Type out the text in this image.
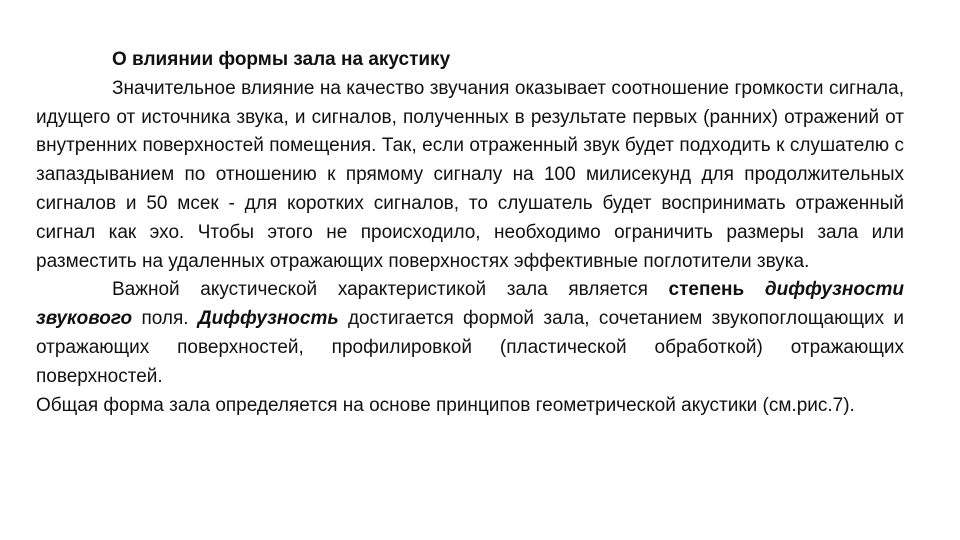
О влиянии формы зала на акустику

Значительное влияние на качество звучания оказывает соотношение громкости сигнала, идущего от источника звука, и сигналов, полученных в результате первых (ранних) отражений от внутренних поверхностей помещения. Так, если отраженный звук будет подходить к слушателю с запаздыванием по отношению к прямому сигналу на 100 милисекунд для продолжительных сигналов и 50 мсек - для коротких сигналов, то слушатель будет воспринимать отраженный сигнал как эхо. Чтобы этого не происходило, необходимо ограничить размеры зала или разместить на удаленных отражающих поверхностях эффективные поглотители звука.

Важной акустической характеристикой зала является степень диффузности звукового поля. Диффузность достигается формой зала, сочетанием звукопоглощающих и отражающих поверхностей, профилировкой (пластической обработкой) отражающих поверхностей.

Общая форма зала определяется на основе принципов геометрической акустики (см.рис.7).
